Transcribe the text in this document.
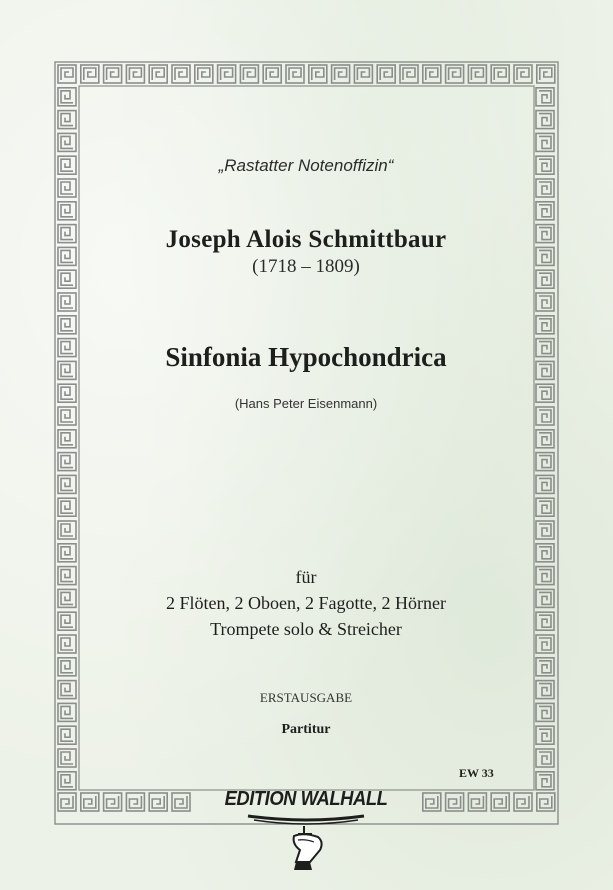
„Rastatter Notenoffizin“
Joseph Alois Schmittbaur
(1718 – 1809)
Sinfonia Hypochondrica
(Hans Peter Eisenmann)
für
2 Flöten, 2 Oboen, 2 Fagotte, 2 Hörner
Trompete solo & Streicher
ERSTAUSGABE
Partitur
EW 33
EDITION WALHALL
